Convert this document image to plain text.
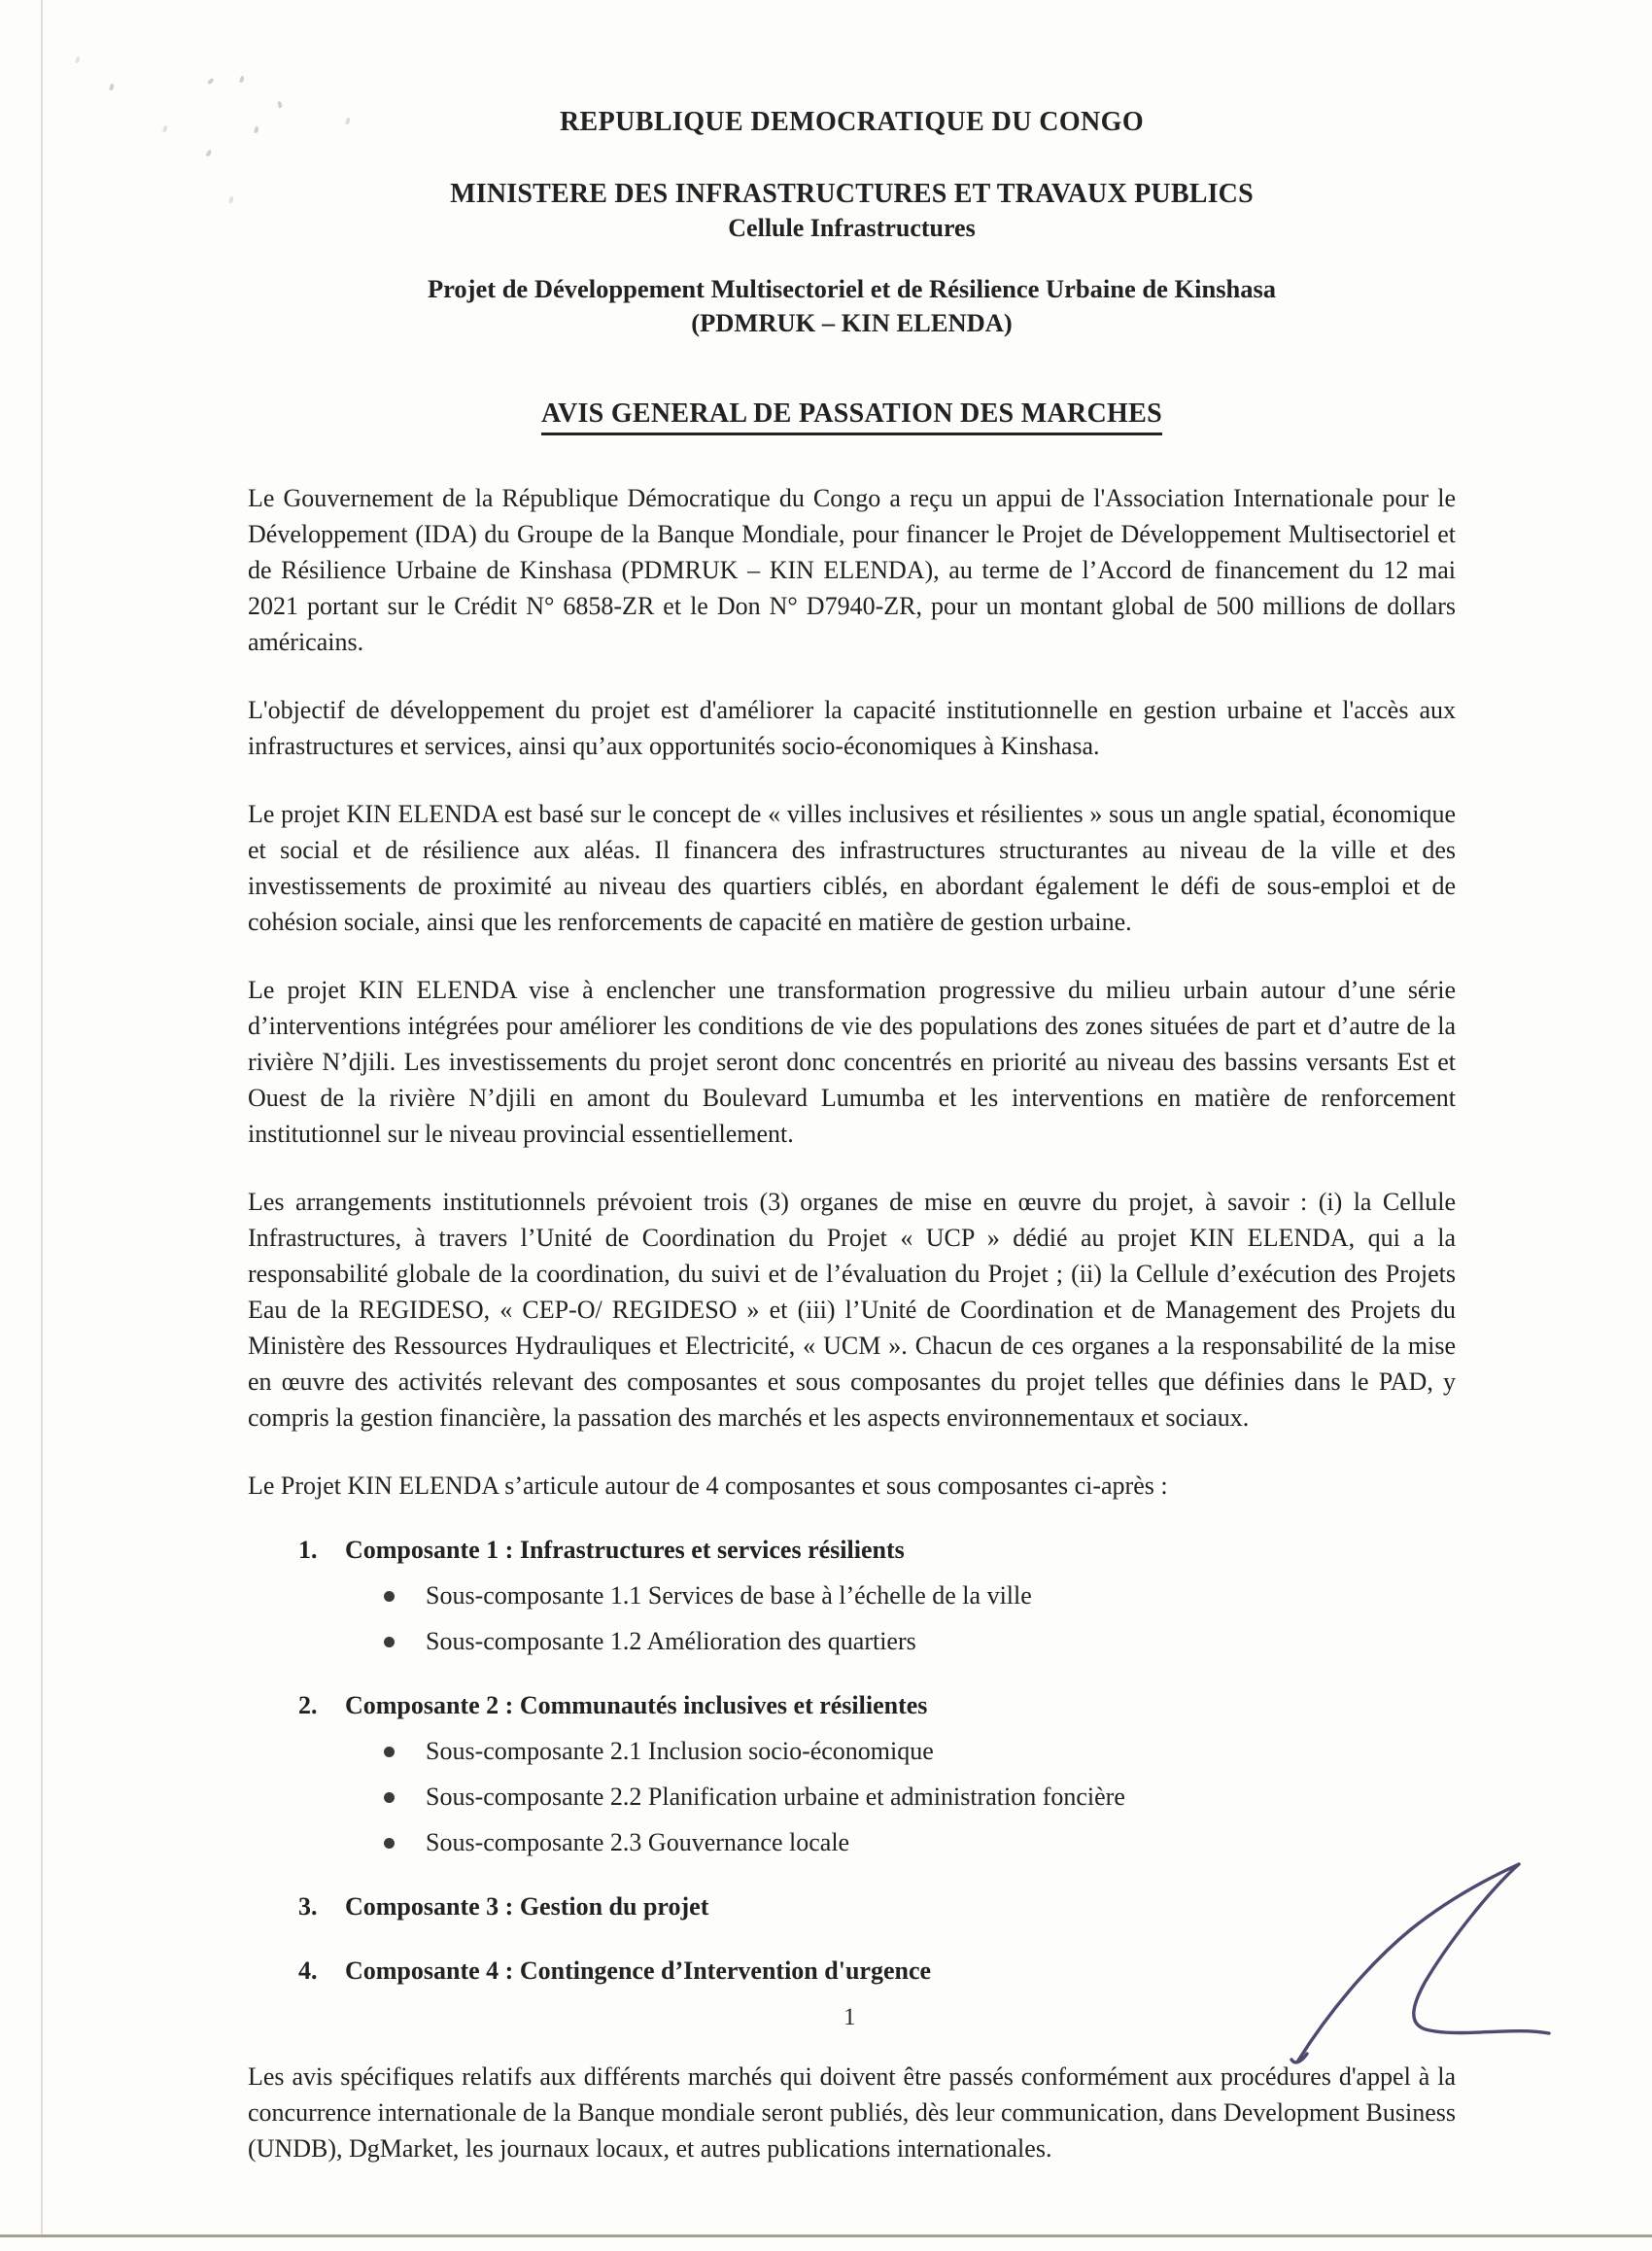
REPUBLIQUE DEMOCRATIQUE DU CONGO
MINISTERE DES INFRASTRUCTURES ET TRAVAUX PUBLICS
Cellule Infrastructures
Projet de Développement Multisectoriel et de Résilience Urbaine de Kinshasa
(PDMRUK – KIN ELENDA)
AVIS GENERAL DE PASSATION DES MARCHES

Le Gouvernement de la République Démocratique du Congo a reçu un appui de l'Association Internationale pour le Développement (IDA) du Groupe de la Banque Mondiale, pour financer le Projet de Développement Multisectoriel et de Résilience Urbaine de Kinshasa (PDMRUK – KIN ELENDA), au terme de l’Accord de financement du 12 mai 2021 portant sur le Crédit N° 6858-ZR et le Don N° D7940-ZR, pour un montant global de 500 millions de dollars américains.

L'objectif de développement du projet est d'améliorer la capacité institutionnelle en gestion urbaine et l'accès aux infrastructures et services, ainsi qu’aux opportunités socio-économiques à Kinshasa.

Le projet KIN ELENDA est basé sur le concept de « villes inclusives et résilientes » sous un angle spatial, économique et social et de résilience aux aléas. Il financera des infrastructures structurantes au niveau de la ville et des investissements de proximité au niveau des quartiers ciblés, en abordant également le défi de sous-emploi et de cohésion sociale, ainsi que les renforcements de capacité en matière de gestion urbaine.

Le projet KIN ELENDA vise à enclencher une transformation progressive du milieu urbain autour d’une série d’interventions intégrées pour améliorer les conditions de vie des populations des zones situées de part et d’autre de la rivière N’djili. Les investissements du projet seront donc concentrés en priorité au niveau des bassins versants Est et Ouest de la rivière N’djili en amont du Boulevard Lumumba et les interventions en matière de renforcement institutionnel sur le niveau provincial essentiellement.

Les arrangements institutionnels prévoient trois (3) organes de mise en œuvre du projet, à savoir : (i) la Cellule Infrastructures, à travers l’Unité de Coordination du Projet « UCP » dédié au projet KIN ELENDA, qui a la responsabilité globale de la coordination, du suivi et de l’évaluation du Projet ; (ii) la Cellule d’exécution des Projets Eau de la REGIDESO, « CEP-O/ REGIDESO » et (iii) l’Unité de Coordination et de Management des Projets du Ministère des Ressources Hydrauliques et Electricité, « UCM ». Chacun de ces organes a la responsabilité de la mise en œuvre des activités relevant des composantes et sous composantes du projet telles que définies dans le PAD, y compris la gestion financière, la passation des marchés et les aspects environnementaux et sociaux.

Le Projet KIN ELENDA s’articule autour de 4 composantes et sous composantes ci-après :

1.	Composante 1 : Infrastructures et services résilients
Sous-composante 1.1 Services de base à l’échelle de la ville
Sous-composante 1.2 Amélioration des quartiers
2.	Composante 2 : Communautés inclusives et résilientes
Sous-composante 2.1 Inclusion socio-économique
Sous-composante 2.2 Planification urbaine et administration foncière
Sous-composante 2.3 Gouvernance locale
3.	Composante 3 : Gestion du projet
4.	Composante 4 : Contingence d’Intervention d'urgence

Les avis spécifiques relatifs aux différents marchés qui doivent être passés conformément aux procédures d'appel à la concurrence internationale de la Banque mondiale seront publiés, dès leur communication, dans Development Business (UNDB), DgMarket, les journaux locaux, et autres publications internationales.

1
